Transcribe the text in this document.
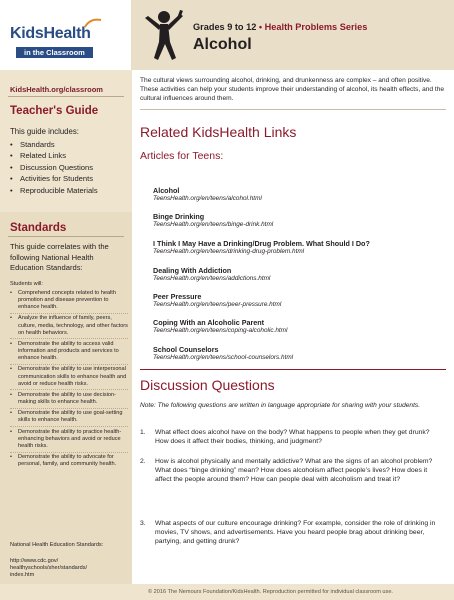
KidsHealth
in the Classroom
KidsHealth.org/classroom
Teacher's Guide
This guide includes:
• Standards
• Related Links
• Discussion Questions
• Activities for Students
• Reproducible Materials
Standards
This guide correlates with the following National Health Education Standards:
Students will:
• Comprehend concepts related to health promotion and disease prevention to enhance health.
• Analyze the influence of family, peers, culture, media, technology, and other factors on health behaviors.
• Demonstrate the ability to access valid information and products and services to enhance health.
• Demonstrate the ability to use interpersonal communication skills to enhance health and avoid or reduce health risks.
• Demonstrate the ability to use decision-making skills to enhance health.
• Demonstrate the ability to use goal-setting skills to enhance health.
• Demonstrate the ability to practice health-enhancing behaviors and avoid or reduce health risks.
• Demonstrate the ability to advocate for personal, family, and community health.
National Health Education Standards:
http://www.cdc.gov/
healthyschools/sher/standards/
index.htm
Grades 9 to 12 • Health Problems Series
Alcohol
The cultural views surrounding alcohol, drinking, and drunkenness are complex – and often positive. These activities can help your students improve their understanding of alcohol, its health effects, and the cultural influences around them.
Related KidsHealth Links
Articles for Teens:
Alcohol
TeensHealth.org/en/teens/alcohol.html
Binge Drinking
TeensHealth.org/en/teens/binge-drink.html
I Think I May Have a Drinking/Drug Problem. What Should I Do?
TeensHealth.org/en/teens/drinking-drug-problem.html
Dealing With Addiction
TeensHealth.org/en/teens/addictions.html
Peer Pressure
TeensHealth.org/en/teens/peer-pressure.html
Coping With an Alcoholic Parent
TeensHealth.org/en/teens/coping-alcoholic.html
School Counselors
TeensHealth.org/en/teens/school-counselors.html
Discussion Questions
Note: The following questions are written in language appropriate for sharing with your students.
1. What effect does alcohol have on the body? What happens to people when they get drunk? How does it affect their bodies, thinking, and judgment?
2. How is alcohol physically and mentally addictive? What are the signs of an alcohol problem? What does “binge drinking” mean? How does alcoholism affect people’s lives? How does it affect the people around them? How can people deal with alcoholism and treat it?
3. What aspects of our culture encourage drinking? For example, consider the role of drinking in movies, TV shows, and advertisements. Have you heard people brag about drinking beer, partying, and getting drunk?
© 2016 The Nemours Foundation/KidsHealth. Reproduction permitted for individual classroom use.
